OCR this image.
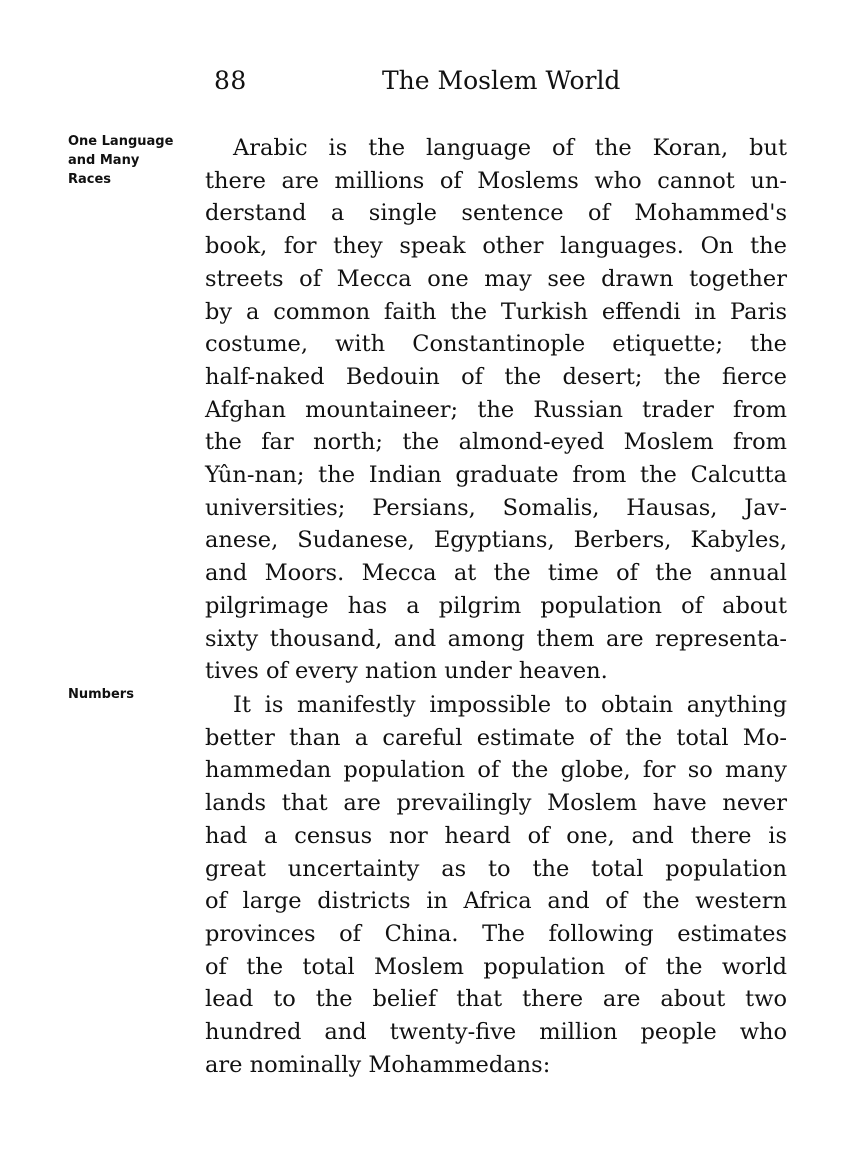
88	The Moslem World
One Language
and Many
Races
Numbers
Arabic is the language of the Koran, but
there are millions of Moslems who cannot un-
derstand a single sentence of Mohammed's
book, for they speak other languages. On the
streets of Mecca one may see drawn together
by a common faith the Turkish effendi in Paris
costume, with Constantinople etiquette; the
half-naked Bedouin of the desert; the fierce
Afghan mountaineer; the Russian trader from
the far north; the almond-eyed Moslem from
Yûn-nan; the Indian graduate from the Calcutta
universities; Persians, Somalis, Hausas, Jav-
anese, Sudanese, Egyptians, Berbers, Kabyles,
and Moors. Mecca at the time of the annual
pilgrimage has a pilgrim population of about
sixty thousand, and among them are representa-
tives of every nation under heaven.
It is manifestly impossible to obtain anything
better than a careful estimate of the total Mo-
hammedan population of the globe, for so many
lands that are prevailingly Moslem have never
had a census nor heard of one, and there is
great uncertainty as to the total population
of large districts in Africa and of the western
provinces of China. The following estimates
of the total Moslem population of the world
lead to the belief that there are about two
hundred and twenty-five million people who
are nominally Mohammedans:
